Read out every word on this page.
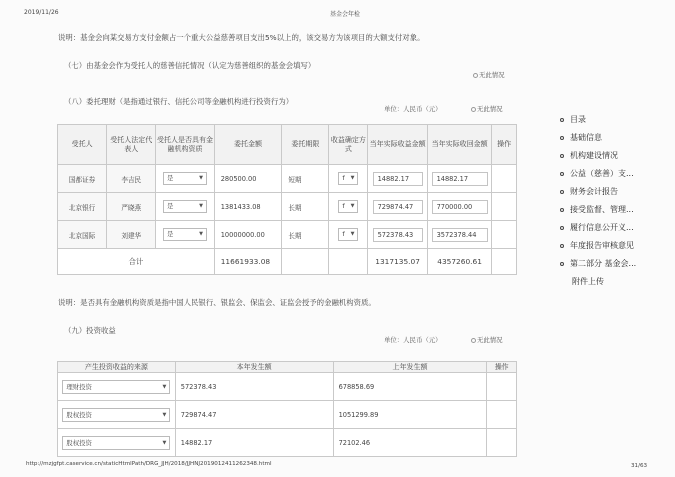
2019/11/26	基金会年检
说明：基金会向某交易方支付金额占一个重大公益慈善项目支出5%以上的，该交易方为该项目的大额支付对象。
（七）由基金会作为受托人的慈善信托情况（认定为慈善组织的基金会填写）
无此情况
（八）委托理财（是指通过银行、信托公司等金融机构进行投资行为）
单位：人民币（元）	无此情况
受托人	受托人法定代表人	受托人是否具有金融机构资质	委托金额	委托期限	收益确定方式	当年实际收益金额	当年实际收回金额	操作
国都证券	李吉民	是 ▼	280500.00	短期	f ▼	14882.17	14882.17	
北京银行	严晓燕	是 ▼	1381433.08	长期	f ▼	729874.47	770000.00	
北京国际	刘建华	是 ▼	10000000.00	长期	f ▼	572378.43	3572378.44	
合计			11661933.08			1317135.07	4357260.61	
说明：是否具有金融机构资质是指中国人民银行、银监会、保监会、证监会授予的金融机构资质。
（九）投资收益
单位：人民币（元）	无此情况
产生投资收益的来源	本年发生额	上年发生额	操作
理财投资 ▼	572378.43	678858.69	
股权投资 ▼	729874.47	1051299.89	
股权投资 ▼	14882.17	72102.46	
目录
基础信息
机构建设情况
公益（慈善）支...
财务会计报告
接受监督、管理...
履行信息公开义...
年度报告审核意见
第二部分 基金会...
附件上传
http://mzjgfpt.caservice.cn/staticHtmlPath/DRG_JJH/2018/JJHNJ2019012411262348.html	31/63
